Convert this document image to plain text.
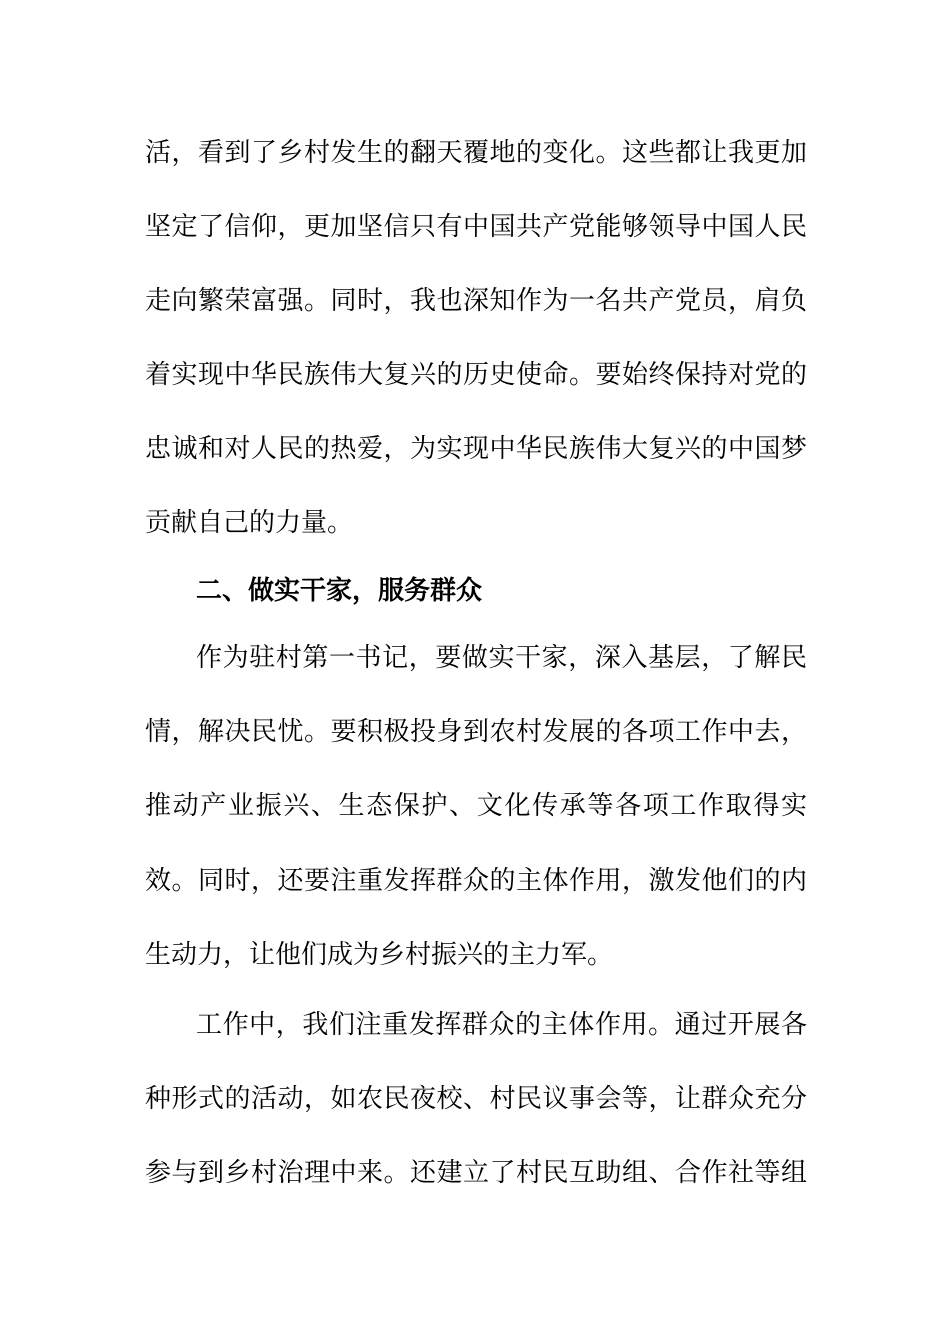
活，看到了乡村发生的翻天覆地的变化。这些都让我更加
坚定了信仰，更加坚信只有中国共产党能够领导中国人民
走向繁荣富强。同时，我也深知作为一名共产党员，肩负
着实现中华民族伟大复兴的历史使命。要始终保持对党的
忠诚和对人民的热爱，为实现中华民族伟大复兴的中国梦
贡献自己的力量。
二、做实干家，服务群众
作为驻村第一书记，要做实干家，深入基层，了解民
情，解决民忧。要积极投身到农村发展的各项工作中去，
推动产业振兴、生态保护、文化传承等各项工作取得实
效。同时，还要注重发挥群众的主体作用，激发他们的内
生动力，让他们成为乡村振兴的主力军。
工作中，我们注重发挥群众的主体作用。通过开展各
种形式的活动，如农民夜校、村民议事会等，让群众充分
参与到乡村治理中来。还建立了村民互助组、合作社等组
